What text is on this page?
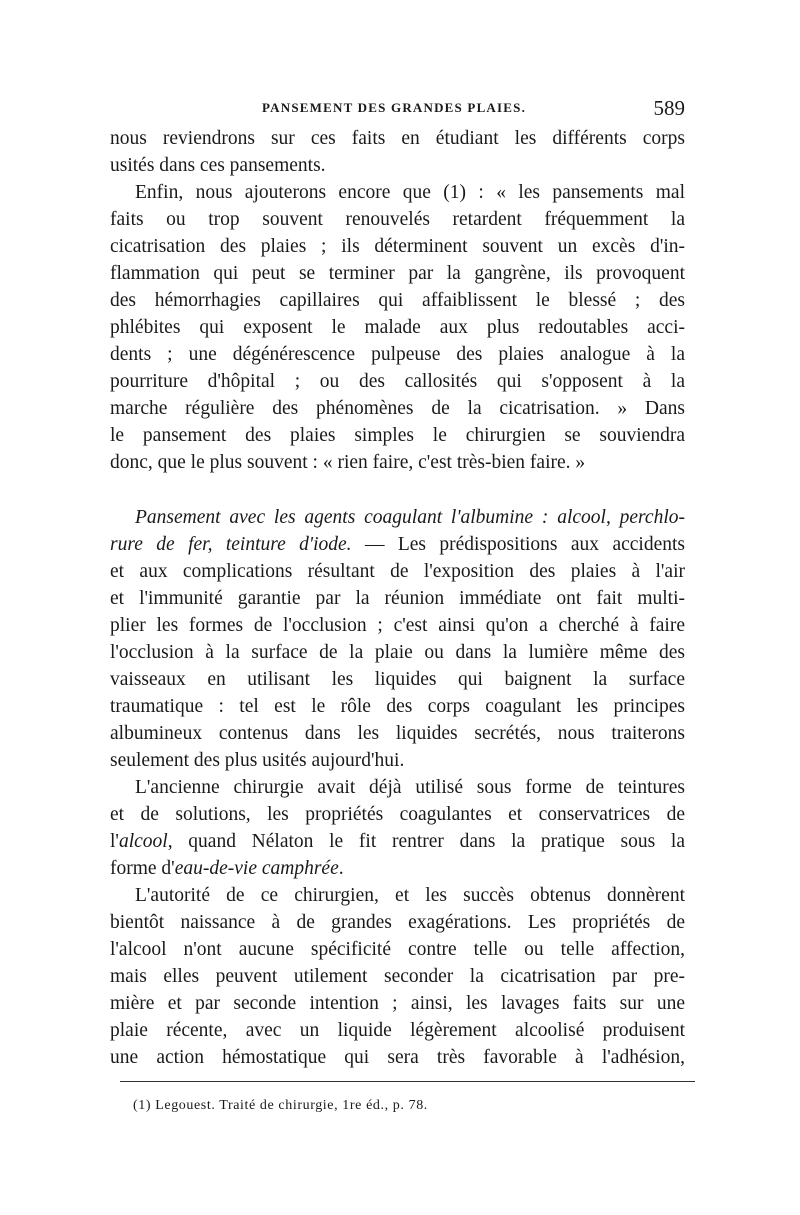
PANSEMENT DES GRANDES PLAIES.	589
nous reviendrons sur ces faits en étudiant les différents corps
usités dans ces pansements.
Enfin, nous ajouterons encore que (1) : « les pansements mal
faits ou trop souvent renouvelés retardent fréquemment la
cicatrisation des plaies ; ils déterminent souvent un excès d'in-
flammation qui peut se terminer par la gangrène, ils provoquent
des hémorrhagies capillaires qui affaiblissent le blessé ; des
phlébites qui exposent le malade aux plus redoutables acci-
dents ; une dégénérescence pulpeuse des plaies analogue à la
pourriture d'hôpital ; ou des callosités qui s'opposent à la
marche régulière des phénomènes de la cicatrisation. » Dans
le pansement des plaies simples le chirurgien se souviendra
donc, que le plus souvent : « rien faire, c'est très-bien faire. »
Pansement avec les agents coagulant l'albumine : alcool, perchlo-
rure de fer, teinture d'iode. — Les prédispositions aux accidents
et aux complications résultant de l'exposition des plaies à l'air
et l'immunité garantie par la réunion immédiate ont fait multi-
plier les formes de l'occlusion ; c'est ainsi qu'on a cherché à faire
l'occlusion à la surface de la plaie ou dans la lumière même des
vaisseaux en utilisant les liquides qui baignent la surface
traumatique : tel est le rôle des corps coagulant les principes
albumineux contenus dans les liquides secrétés, nous traiterons
seulement des plus usités aujourd'hui.
L'ancienne chirurgie avait déjà utilisé sous forme de teintures
et de solutions, les propriétés coagulantes et conservatrices de
l'alcool, quand Nélaton le fit rentrer dans la pratique sous la
forme d'eau-de-vie camphrée.
L'autorité de ce chirurgien, et les succès obtenus donnèrent
bientôt naissance à de grandes exagérations. Les propriétés de
l'alcool n'ont aucune spécificité contre telle ou telle affection,
mais elles peuvent utilement seconder la cicatrisation par pre-
mière et par seconde intention ; ainsi, les lavages faits sur une
plaie récente, avec un liquide légèrement alcoolisé produisent
une action hémostatique qui sera très favorable à l'adhésion,
(1) Legouest. Traité de chirurgie, 1re éd., p. 78.
